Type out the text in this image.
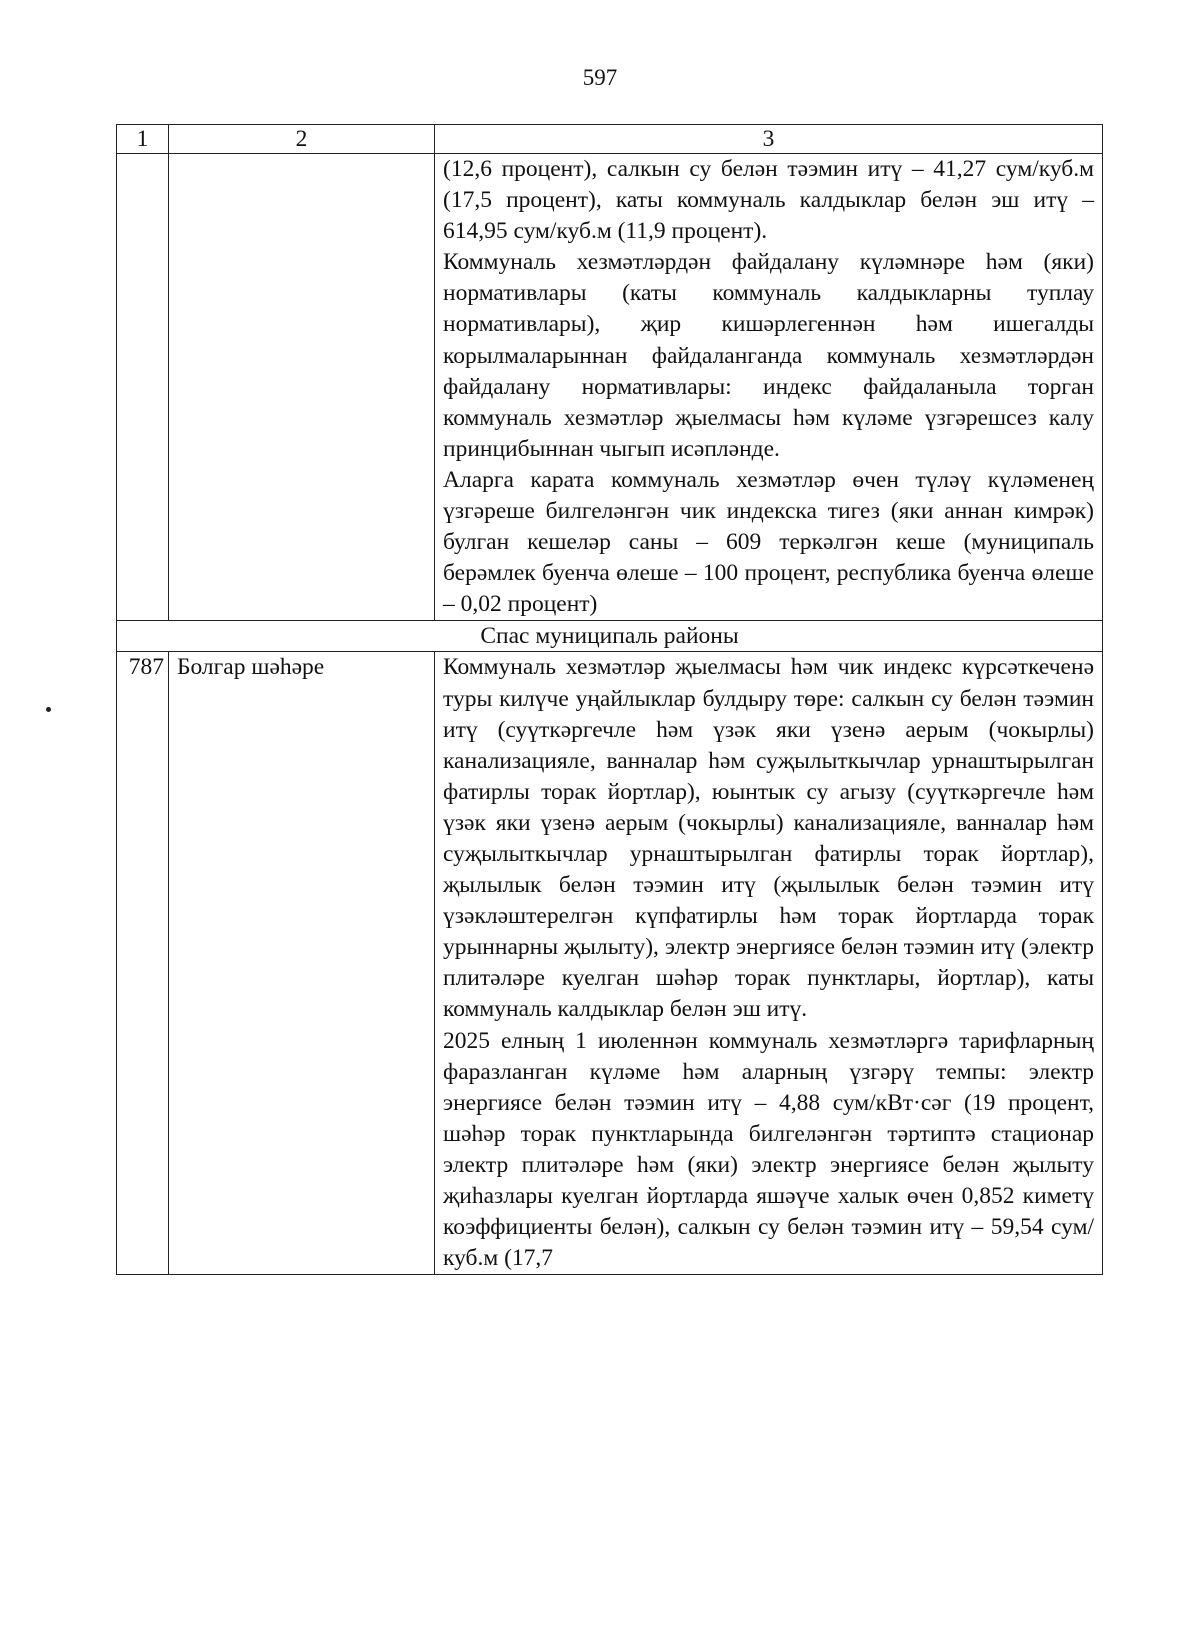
597
1	2	3

		(12,6 процент), салкын су белән тәэмин итү – 41,27 сум/куб.м (17,5 процент), каты коммуналь калдыклар белән эш итү – 614,95 сум/куб.м (11,9 процент).

Коммуналь хезмәтләрдән файдалану күләмнәре һәм (яки) нормативлары (каты коммуналь калдыкларны туплау нормативлары), җир кишәрлегеннән һәм ишегалды корылмаларыннан файдаланганда коммуналь хезмәтләрдән файдалану нормативлары: индекс файдаланыла торган коммуналь хезмәтләр җыелмасы һәм күләме үзгәрешсез калу принцибыннан чыгып исәпләнде.

Аларга карата коммуналь хезмәтләр өчен түләү күләменең үзгәреше билгеләнгән чик индекска тигез (яки аннан кимрәк) булган кешеләр саны – 609 теркәлгән кеше (муниципаль берәмлек буенча өлеше – 100 процент, республика буенча өлеше – 0,02 процент)

Спас муниципаль районы		
787	Болгар шәһәре	Коммуналь хезмәтләр җыелмасы һәм чик индекс күрсәткеченә туры килүче уңайлыклар булдыру төре: салкын су белән тәэмин итү (суүткәргечле һәм үзәк яки үзенә аерым (чокырлы) канализацияле, ванналар һәм суҗылыткычлар урнаштырылган фатирлы торак йортлар), юынтык су агызу (суүткәргечле һәм үзәк яки үзенә аерым (чокырлы) канализацияле, ванналар һәм суҗылыткычлар урнаштырылган фатирлы торак йортлар), җылылык белән тәэмин итү (җылылык белән тәэмин итү үзәкләштерелгән күпфатирлы һәм торак йортларда торак урыннарны җылыту), электр энергиясе белән тәэмин итү (электр плитәләре куелган шәһәр торак пунктлары, йортлар), каты коммуналь калдыклар белән эш итү.

2025 елның 1 июленнән коммуналь хезмәтләргә тарифларның фаразланган күләме һәм аларның үзгәрү темпы: электр энергиясе белән тәэмин итү – 4,88 сум/кВт·сәг (19 процент, шәһәр торак пунктларында билгеләнгән тәртиптә стационар электр плитәләре һәм (яки) электр энергиясе белән җылыту җиһазлары куелган йортларда яшәүче халык өчен 0,852 киметү коэффициенты белән), салкын су белән тәэмин итү – 59,54 сум/куб.м (17,7
